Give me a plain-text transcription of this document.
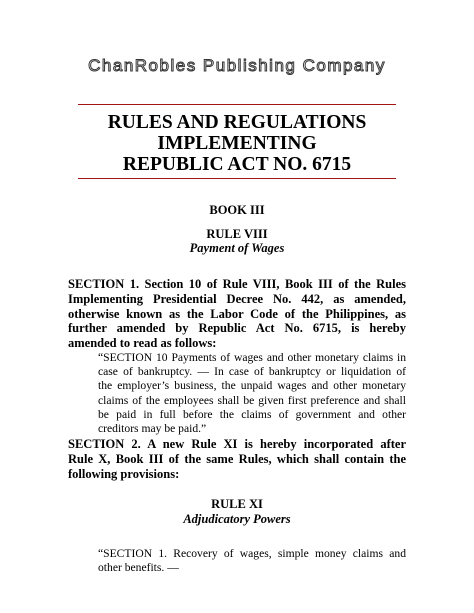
ChanRobles Publishing Company
RULES AND REGULATIONS
IMPLEMENTING
REPUBLIC ACT NO. 6715
BOOK III
RULE VIII
Payment of Wages
SECTION 1. Section 10 of Rule VIII, Book III of the Rules
Implementing Presidential Decree No. 442, as amended,
otherwise known as the Labor Code of the Philippines, as
further amended by Republic Act No. 6715, is hereby
amended to read as follows:
“SECTION 10 Payments of wages and other monetary claims in
case of bankruptcy. — In case of bankruptcy or liquidation of
the employer’s business, the unpaid wages and other monetary
claims of the employees shall be given first preference and shall
be paid in full before the claims of government and other
creditors may be paid.”
SECTION 2. A new Rule XI is hereby incorporated after
Rule X, Book III of the same Rules, which shall contain the
following provisions:
RULE XI
Adjudicatory Powers
“SECTION 1. Recovery of wages, simple money claims and
other benefits. —
